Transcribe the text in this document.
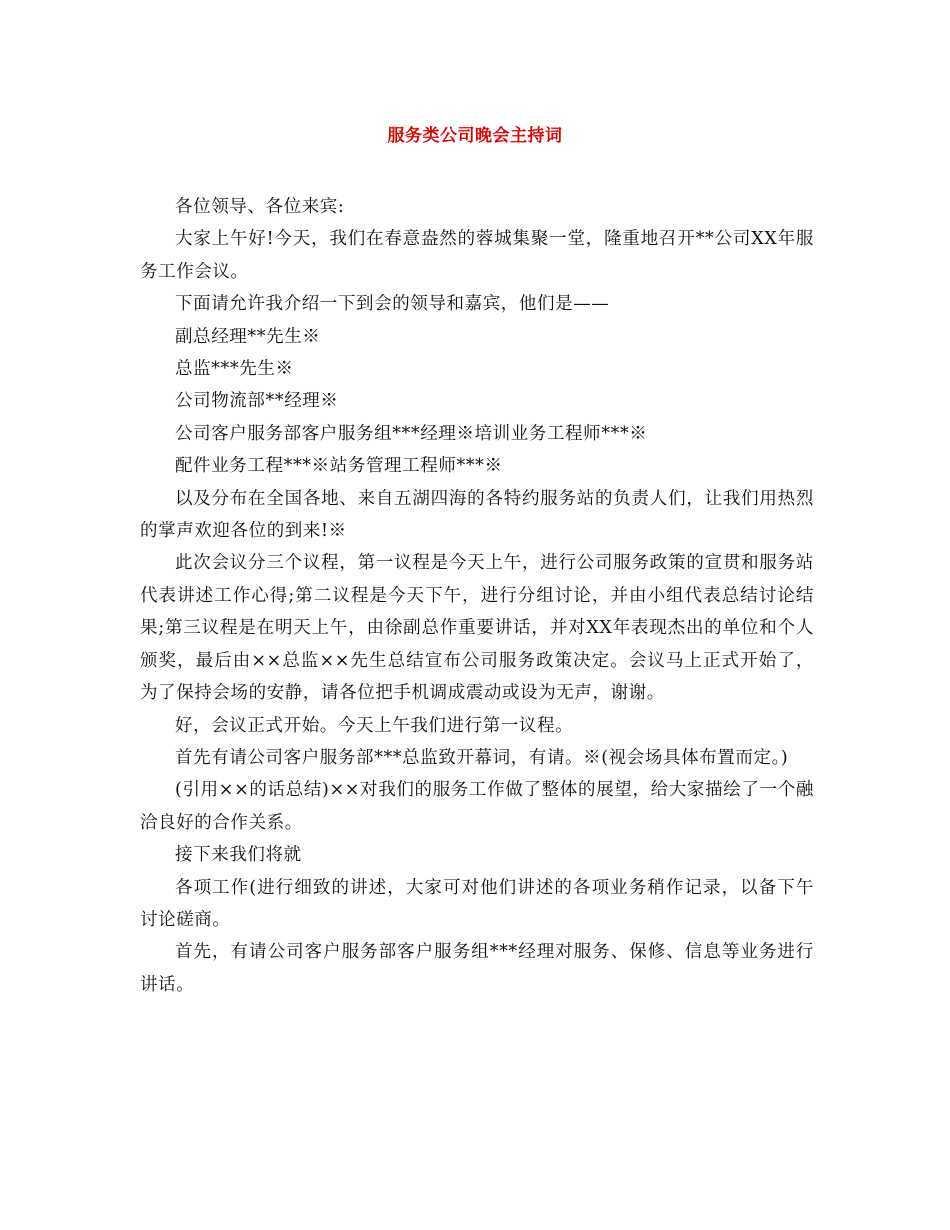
服务类公司晚会主持词

各位领导、各位来宾:

大家上午好!今天，我们在春意盎然的蓉城集聚一堂，隆重地召开**公司XX年服务工作会议。

下面请允许我介绍一下到会的领导和嘉宾，他们是——

副总经理**先生※

总监***先生※

公司物流部**经理※

公司客户服务部客户服务组***经理※培训业务工程师***※

配件业务工程***※站务管理工程师***※

以及分布在全国各地、来自五湖四海的各特约服务站的负责人们，让我们用热烈的掌声欢迎各位的到来!※

此次会议分三个议程，第一议程是今天上午，进行公司服务政策的宣贯和服务站代表讲述工作心得;第二议程是今天下午，进行分组讨论，并由小组代表总结讨论结果;第三议程是在明天上午，由徐副总作重要讲话，并对XX年表现杰出的单位和个人颁奖，最后由××总监××先生总结宣布公司服务政策决定。会议马上正式开始了，为了保持会场的安静，请各位把手机调成震动或设为无声，谢谢。

好，会议正式开始。今天上午我们进行第一议程。

首先有请公司客户服务部***总监致开幕词，有请。※(视会场具体布置而定。)

(引用××的话总结)××对我们的服务工作做了整体的展望，给大家描绘了一个融洽良好的合作关系。

接下来我们将就

各项工作(进行细致的讲述，大家可对他们讲述的各项业务稍作记录，以备下午讨论磋商。

首先，有请公司客户服务部客户服务组***经理对服务、保修、信息等业务进行讲话。
